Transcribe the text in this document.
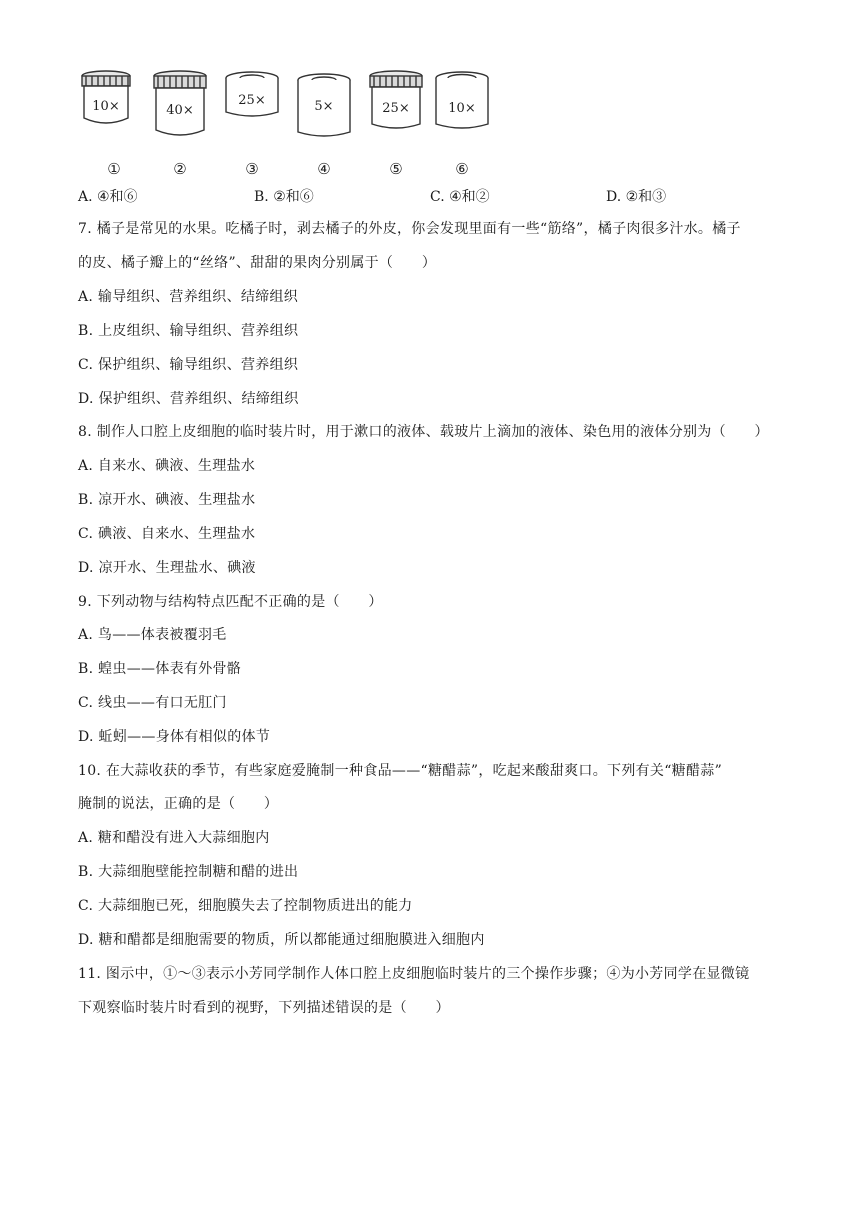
10×	40×
25×	5×	25×	10×
①	②	③	④	⑤	⑥
A. ④和⑥	B. ②和⑥	C. ④和②	D. ②和③
7. 橘子是常见的水果。吃橘子时，剥去橘子的外皮，你会发现里面有一些“筋络”，橘子肉很多汁水。橘子
的皮、橘子瓣上的“丝络”、甜甜的果肉分别属于（　　）
A. 输导组织、营养组织、结缔组织
B. 上皮组织、输导组织、营养组织
C. 保护组织、输导组织、营养组织
D. 保护组织、营养组织、结缔组织
8. 制作人口腔上皮细胞的临时装片时，用于漱口的液体、载玻片上滴加的液体、染色用的液体分别为（　　）
A. 自来水、碘液、生理盐水
B. 凉开水、碘液、生理盐水
C. 碘液、自来水、生理盐水
D. 凉开水、生理盐水、碘液
9. 下列动物与结构特点匹配不正确的是（　　）
A. 鸟——体表被覆羽毛
B. 蝗虫——体表有外骨骼
C. 线虫——有口无肛门
D. 蚯蚓——身体有相似的体节
10. 在大蒜收获的季节，有些家庭爱腌制一种食品——“糖醋蒜”，吃起来酸甜爽口。下列有关“糖醋蒜”
腌制的说法，正确的是（　　）
A. 糖和醋没有进入大蒜细胞内
B. 大蒜细胞壁能控制糖和醋的进出
C. 大蒜细胞已死，细胞膜失去了控制物质进出的能力
D. 糖和醋都是细胞需要的物质，所以都能通过细胞膜进入细胞内
11. 图示中，①～③表示小芳同学制作人体口腔上皮细胞临时装片的三个操作步骤；④为小芳同学在显微镜
下观察临时装片时看到的视野，下列描述错误的是（　　）
